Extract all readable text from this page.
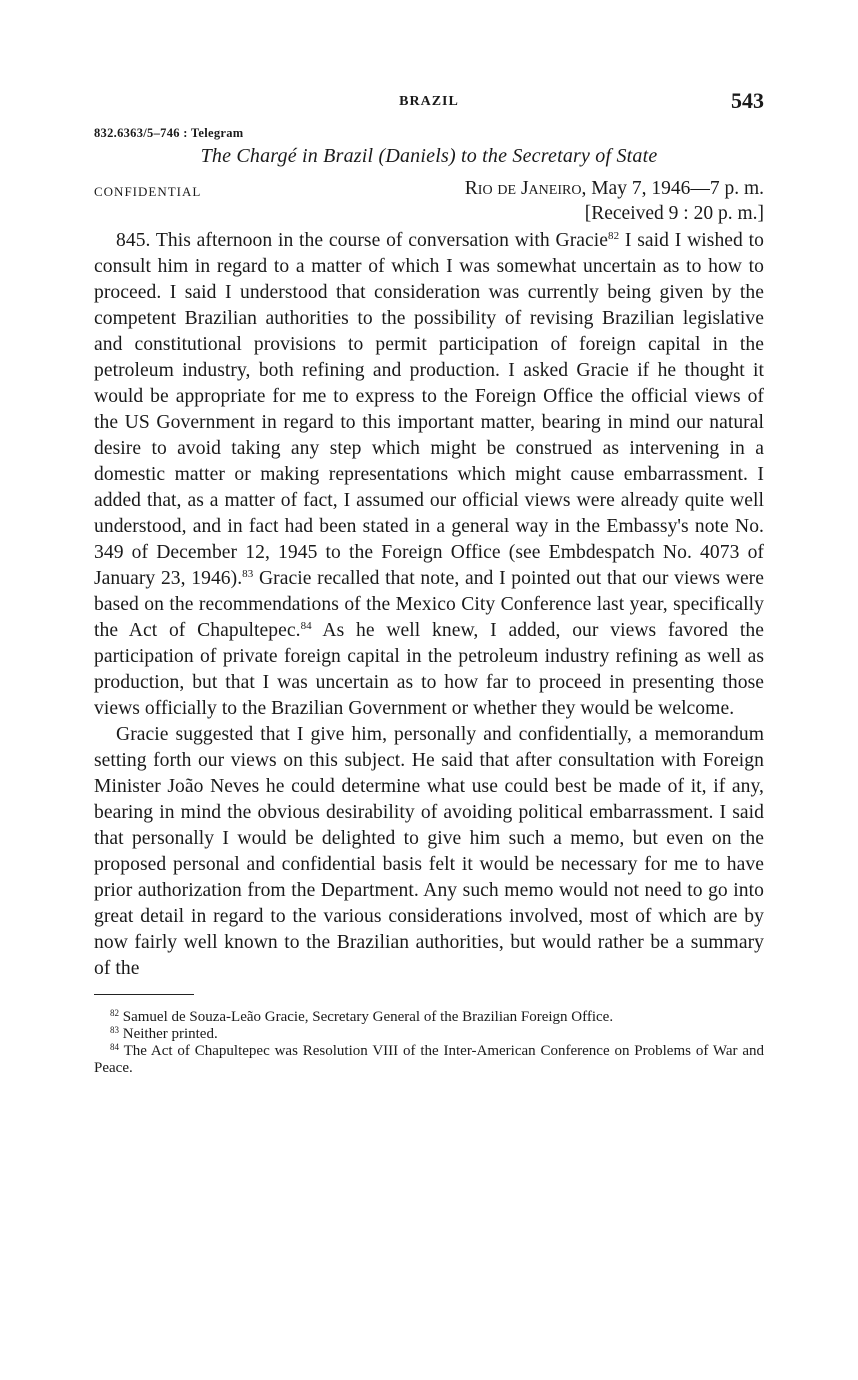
BRAZIL	543
832.6363/5–746 : Telegram
The Chargé in Brazil (Daniels) to the Secretary of State
CONFIDENTIAL	Rio de Janeiro, May 7, 1946—7 p. m.
[Received 9 : 20 p. m.]

845. This afternoon in the course of conversation with Gracie$^{82}$ I said I wished to consult him in regard to a matter of which I was somewhat uncertain as to how to proceed. I said I understood that consideration was currently being given by the competent Brazilian authorities to the possibility of revising Brazilian legislative and constitutional provisions to permit participation of foreign capital in the petroleum industry, both refining and production. I asked Gracie if he thought it would be appropriate for me to express to the Foreign Office the official views of the US Government in regard to this important matter, bearing in mind our natural desire to avoid taking any step which might be construed as intervening in a domestic matter or making representations which might cause embarrassment. I added that, as a matter of fact, I assumed our official views were already quite well understood, and in fact had been stated in a general way in the Embassy's note No. 349 of December 12, 1945 to the Foreign Office (see Embdespatch No. 4073 of January 23, 1946).$^{83}$ Gracie recalled that note, and I pointed out that our views were based on the recommendations of the Mexico City Conference last year, specifically the Act of Chapultepec.$^{84}$ As he well knew, I added, our views favored the participation of private foreign capital in the petroleum industry refining as well as production, but that I was uncertain as to how far to proceed in presenting those views officially to the Brazilian Government or whether they would be welcome.

Gracie suggested that I give him, personally and confidentially, a memorandum setting forth our views on this subject. He said that after consultation with Foreign Minister João Neves he could determine what use could best be made of it, if any, bearing in mind the obvious desirability of avoiding political embarrassment. I said that personally I would be delighted to give him such a memo, but even on the proposed personal and confidential basis felt it would be necessary for me to have prior authorization from the Department. Any such memo would not need to go into great detail in regard to the various considerations involved, most of which are by now fairly well known to the Brazilian authorities, but would rather be a summary of the

$^{82}$ Samuel de Souza-Leão Gracie, Secretary General of the Brazilian Foreign Office.

$^{83}$ Neither printed.

$^{84}$ The Act of Chapultepec was Resolution VIII of the Inter-American Conference on Problems of War and Peace.
